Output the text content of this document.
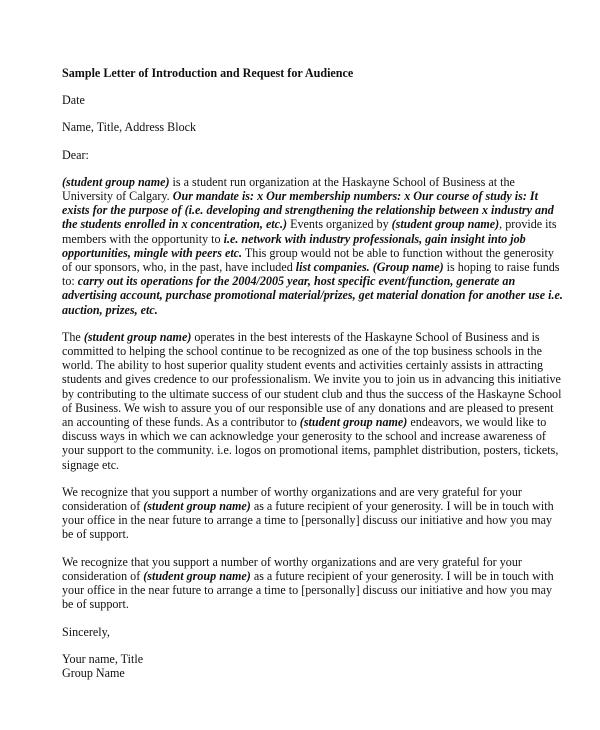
Sample Letter of Introduction and Request for Audience
Date
Name, Title, Address Block
Dear:
(student group name) is a student run organization at the Haskayne School of Business at the
University of Calgary. Our mandate is: x Our membership numbers: x Our course of study is: It
exists for the purpose of (i.e. developing and strengthening the relationship between x industry and
the students enrolled in x concentration, etc.) Events organized by (student group name), provide its
members with the opportunity to i.e. network with industry professionals, gain insight into job
opportunities, mingle with peers etc. This group would not be able to function without the generosity
of our sponsors, who, in the past, have included list companies. (Group name) is hoping to raise funds
to: carry out its operations for the 2004/2005 year, host specific event/function, generate an
advertising account, purchase promotional material/prizes, get material donation for another use i.e.
auction, prizes, etc.
The (student group name) operates in the best interests of the Haskayne School of Business and is
committed to helping the school continue to be recognized as one of the top business schools in the
world. The ability to host superior quality student events and activities certainly assists in attracting
students and gives credence to our professionalism. We invite you to join us in advancing this initiative
by contributing to the ultimate success of our student club and thus the success of the Haskayne School
of Business. We wish to assure you of our responsible use of any donations and are pleased to present
an accounting of these funds. As a contributor to (student group name) endeavors, we would like to
discuss ways in which we can acknowledge your generosity to the school and increase awareness of
your support to the community. i.e. logos on promotional items, pamphlet distribution, posters, tickets,
signage etc.
We recognize that you support a number of worthy organizations and are very grateful for your
consideration of (student group name) as a future recipient of your generosity. I will be in touch with
your office in the near future to arrange a time to [personally] discuss our initiative and how you may
be of support.
We recognize that you support a number of worthy organizations and are very grateful for your
consideration of (student group name) as a future recipient of your generosity. I will be in touch with
your office in the near future to arrange a time to [personally] discuss our initiative and how you may
be of support.
Sincerely,
Your name, Title
Group Name
